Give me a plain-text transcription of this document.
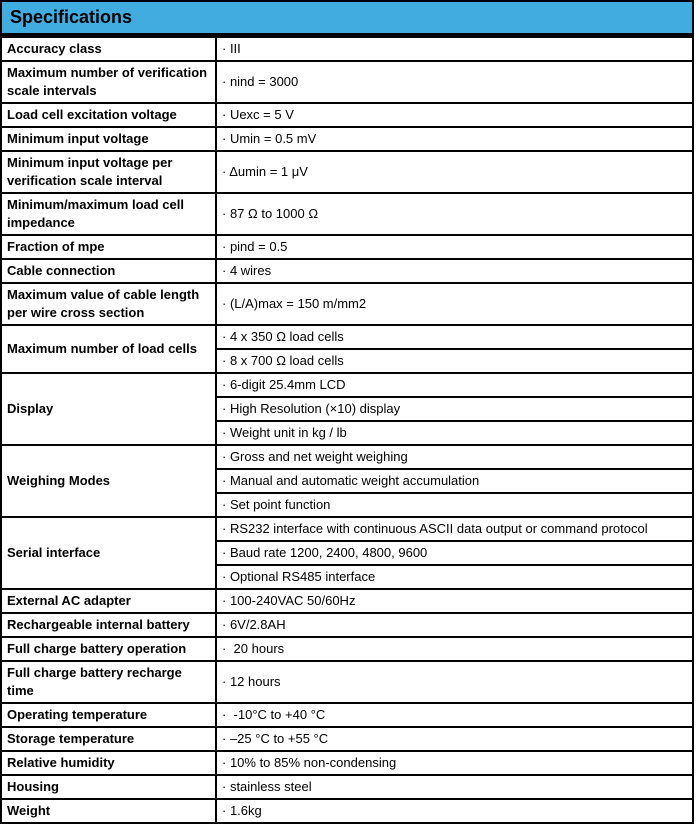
Specifications
Accuracy class	· III
Maximum number of verification scale intervals	· nind = 3000
Load cell excitation voltage	· Uexc = 5 V
Minimum input voltage	· Umin = 0.5 mV
Minimum input voltage per verification scale interval	· Δumin = 1 μV
Minimum/maximum load cell impedance	· 87 Ω to 1000 Ω
Fraction of mpe	· pind = 0.5
Cable connection	· 4 wires
Maximum value of cable length per wire cross section	· (L/A)max = 150 m/mm2
Maximum number of load cells	· 4 x 350 Ω load cells
	· 8 x 700 Ω load cells
Display	· 6-digit 25.4mm LCD
	· High Resolution (×10) display
	· Weight unit in kg / lb
Weighing Modes	· Gross and net weight weighing
	· Manual and automatic weight accumulation
	· Set point function
Serial interface	· RS232 interface with continuous ASCII data output or command protocol
	· Baud rate 1200, 2400, 4800, 9600
	· Optional RS485 interface
External AC adapter	· 100-240VAC 50/60Hz
Rechargeable internal battery	· 6V/2.8AH
Full charge battery operation	·  20 hours
Full charge battery recharge time	· 12 hours
Operating temperature	·  -10°C to +40 °C
Storage temperature	· –25 °C to +55 °C
Relative humidity	· 10% to 85% non-condensing
Housing	· stainless steel
Weight	· 1.6kg
